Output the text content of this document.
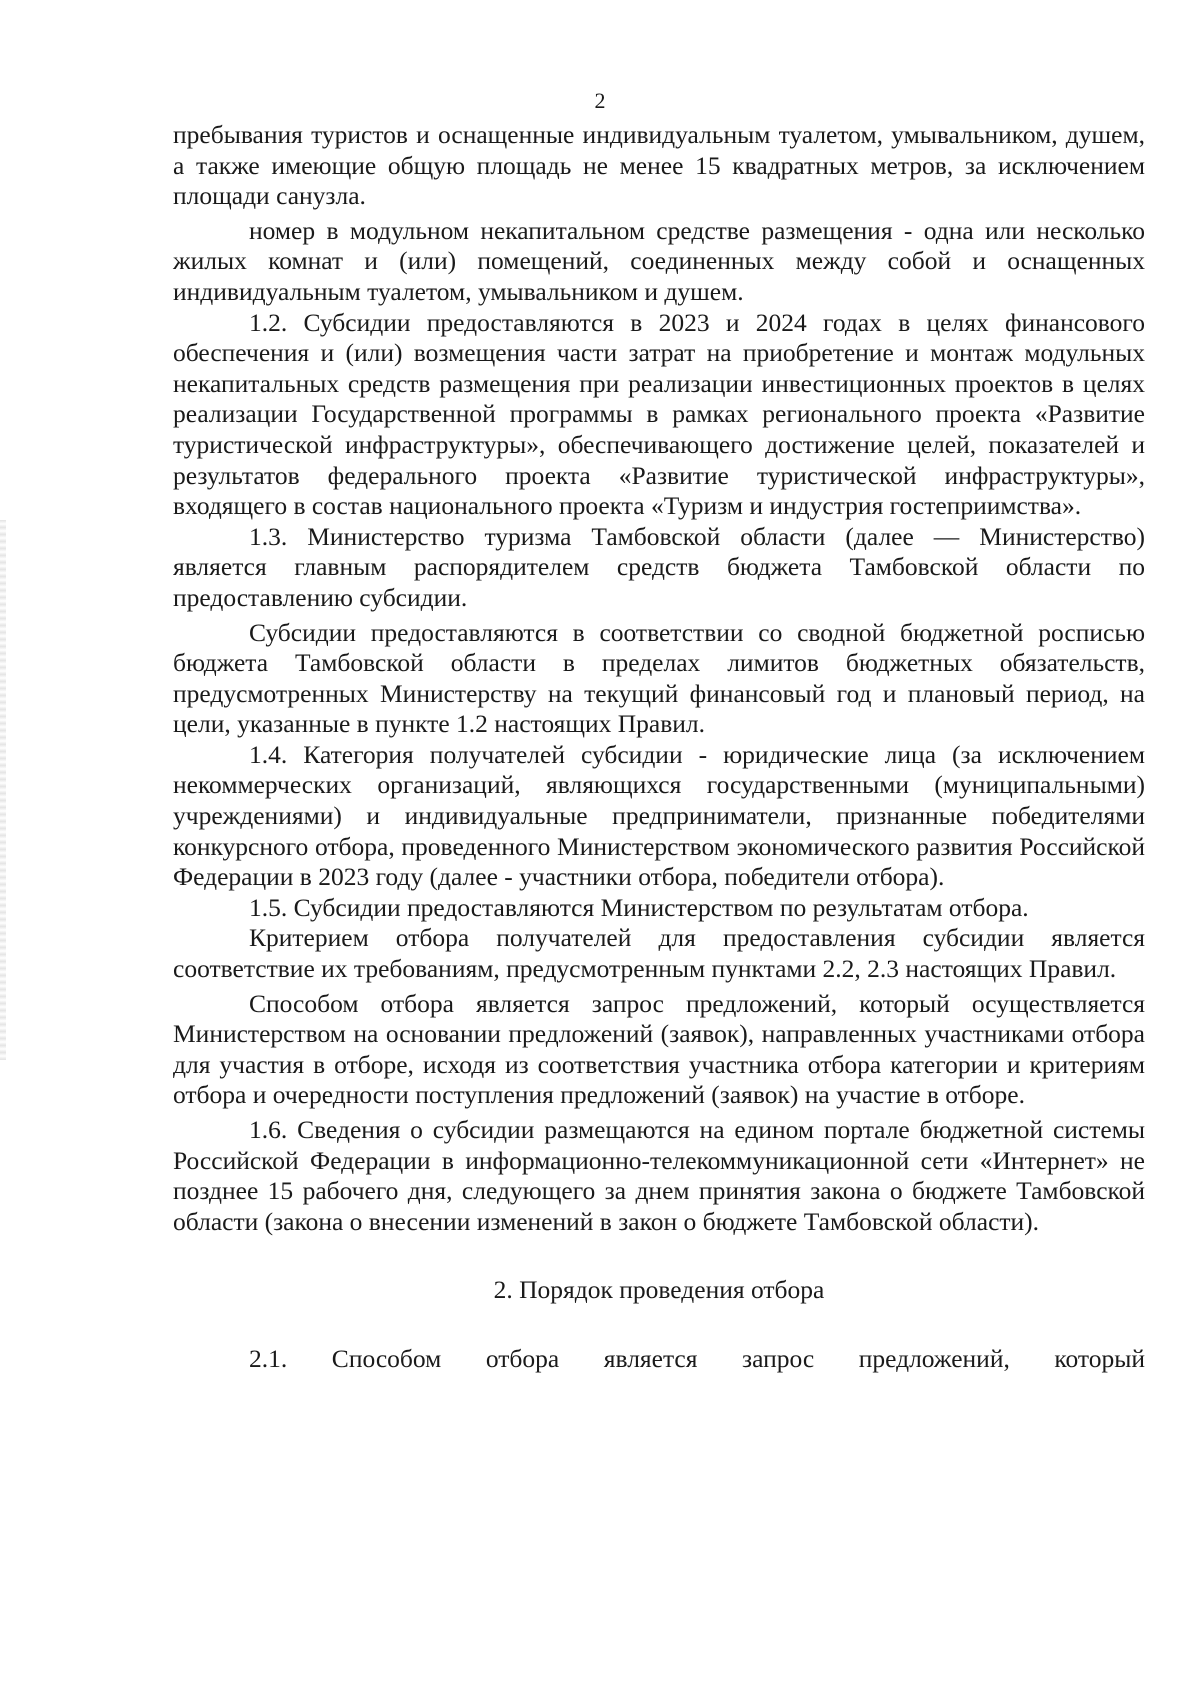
2

пребывания туристов и оснащенные индивидуальным туалетом, умывальником, душем, а также имеющие общую площадь не менее 15 квадратных метров, за исключением площади санузла.

номер в модульном некапитальном средстве размещения - одна или несколько жилых комнат и (или) помещений, соединенных между собой и оснащенных индивидуальным туалетом, умывальником и душем.

1.2. Субсидии предоставляются в 2023 и 2024 годах в целях финансового обеспечения и (или) возмещения части затрат на приобретение и монтаж модульных некапитальных средств размещения при реализации инвестиционных проектов в целях реализации Государственной программы в рамках регионального проекта «Развитие туристической инфраструктуры», обеспечивающего достижение целей, показателей и результатов федерального проекта «Развитие туристической инфраструктуры», входящего в состав национального проекта «Туризм и индустрия гостеприимства».

1.3. Министерство туризма Тамбовской области (далее — Министерство) является главным распорядителем средств бюджета Тамбовской области по предоставлению субсидии.

Субсидии предоставляются в соответствии со сводной бюджетной росписью бюджета Тамбовской области в пределах лимитов бюджетных обязательств, предусмотренных Министерству на текущий финансовый год и плановый период, на цели, указанные в пункте 1.2 настоящих Правил.

1.4. Категория получателей субсидии - юридические лица (за исключением некоммерческих организаций, являющихся государственными (муниципальными) учреждениями) и индивидуальные предприниматели, признанные победителями конкурсного отбора, проведенного Министерством экономического развития Российской Федерации в 2023 году (далее - участники отбора, победители отбора).

1.5. Субсидии предоставляются Министерством по результатам отбора.

Критерием отбора получателей для предоставления субсидии является соответствие их требованиям, предусмотренным пунктами 2.2, 2.3 настоящих Правил.

Способом отбора является запрос предложений, который осуществляется Министерством на основании предложений (заявок), направленных участниками отбора для участия в отборе, исходя из соответствия участника отбора категории и критериям отбора и очередности поступления предложений (заявок) на участие в отборе.

1.6. Сведения о субсидии размещаются на едином портале бюджетной системы Российской Федерации в информационно-телекоммуникационной сети «Интернет» не позднее 15 рабочего дня, следующего за днем принятия закона о бюджете Тамбовской области (закона о внесении изменений в закон о бюджете Тамбовской области).

2. Порядок проведения отбора

2.1. Способом отбора является запрос предложений, который
